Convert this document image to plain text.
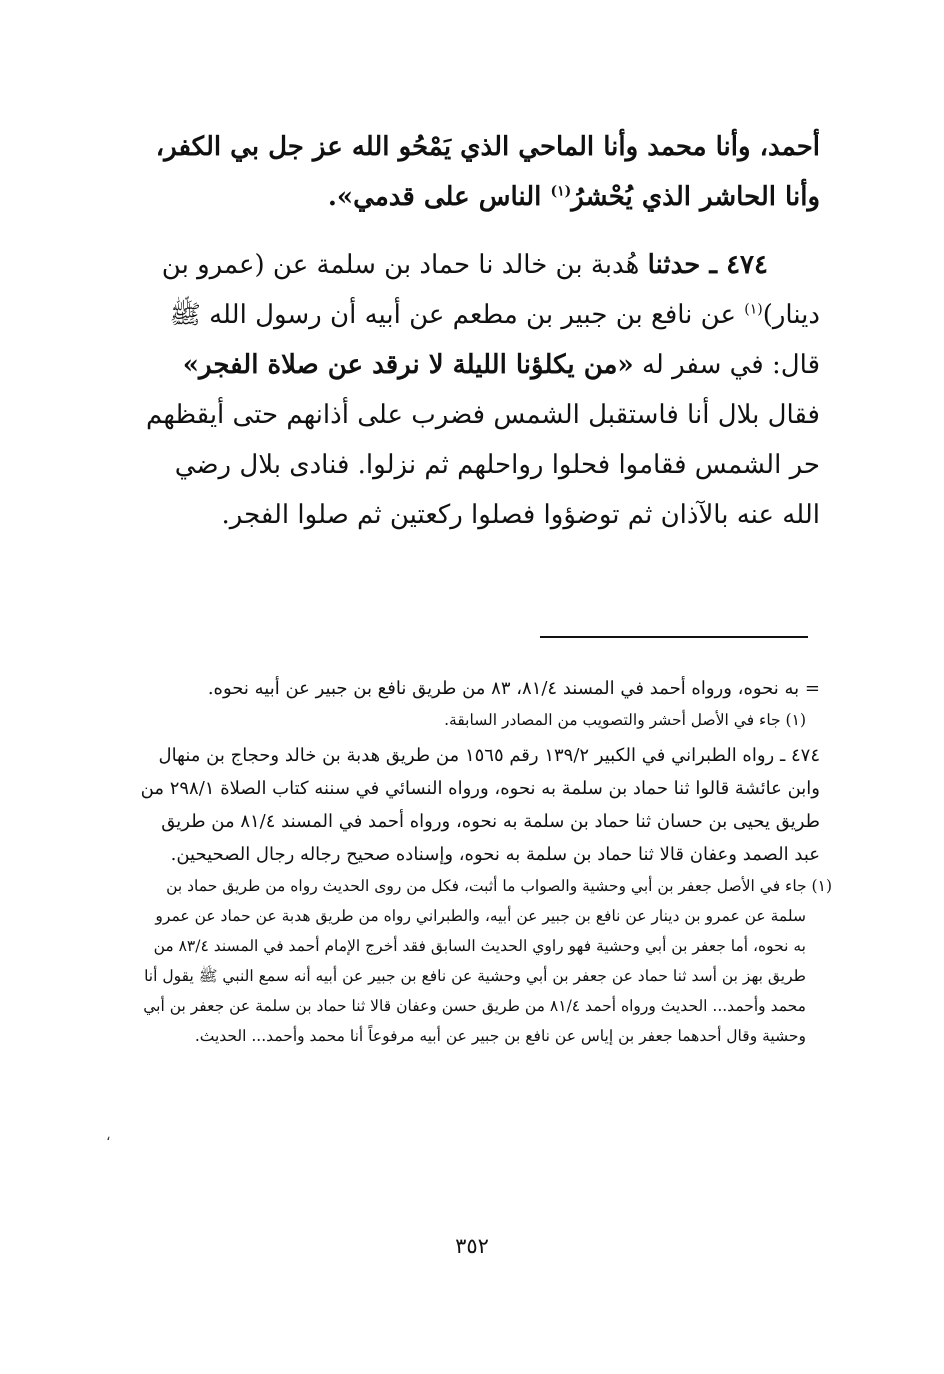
أحمد، وأنا محمد وأنا الماحي الذي يَمْحُو الله عز جل بي الكفر، وأنا الحاشر الذي يُحْشرُ$^{(١)}$ الناس على قدمي».

٤٧٤ ـ حدثنا هُدبة بن خالد نا حماد بن سلمة عن (عمرو بن دينار)$^{(١)}$ عن نافع بن جبير بن مطعم عن أبيه أن رسول الله ﷺ قال: في سفر له «من يكلؤنا الليلة لا نرقد عن صلاة الفجر» فقال بلال أنا فاستقبل الشمس فضرب على أذانهم حتى أيقظهم حر الشمس فقاموا فحلوا رواحلهم ثم نزلوا. فنادى بلال رضي الله عنه بالآذان ثم توضؤوا فصلوا ركعتين ثم صلوا الفجر.

= به نحوه، ورواه أحمد في المسند ٨١/٤، ٨٣ من طريق نافع بن جبير عن أبيه نحوه.

(١) جاء في الأصل أحشر والتصويب من المصادر السابقة.

٤٧٤ ـ رواه الطبراني في الكبير ١٣٩/٢ رقم ١٥٦٥ من طريق هدبة بن خالد وحجاج بن منهال وابن عائشة قالوا ثنا حماد بن سلمة به نحوه، ورواه النسائي في سننه كتاب الصلاة ٢٩٨/١ من طريق يحيى بن حسان ثنا حماد بن سلمة به نحوه، ورواه أحمد في المسند ٨١/٤ من طريق عبد الصمد وعفان قالا ثنا حماد بن سلمة به نحوه، وإسناده صحيح رجاله رجال الصحيحين.

(١) جاء في الأصل جعفر بن أبي وحشية والصواب ما أثبت، فكل من روى الحديث رواه من طريق حماد بن سلمة عن عمرو بن دينار عن نافع بن جبير عن أبيه، والطبراني رواه من طريق هدبة عن حماد عن عمرو به نحوه، أما جعفر بن أبي وحشية فهو راوي الحديث السابق فقد أخرج الإمام أحمد في المسند ٨٣/٤ من طريق بهز بن أسد ثنا حماد عن جعفر بن أبي وحشية عن نافع بن جبير عن أبيه أنه سمع النبي ﷺ يقول أنا محمد وأحمد... الحديث ورواه أحمد ٨١/٤ من طريق حسن وعفان قالا ثنا حماد بن سلمة عن جعفر بن أبي وحشية وقال أحدهما جعفر بن إياس عن نافع بن جبير عن أبيه مرفوعاً أنا محمد وأحمد... الحديث.

،
٣٥٢
